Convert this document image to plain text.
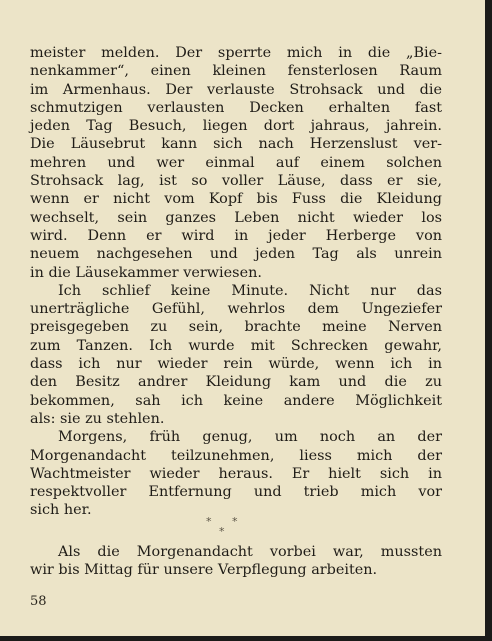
meister melden. Der sperrte mich in die „Bie-
nenkammer“, einen kleinen fensterlosen Raum
im Armenhaus. Der verlauste Strohsack und die
schmutzigen verlausten Decken erhalten fast
jeden Tag Besuch, liegen dort jahraus, jahrein.
Die Läusebrut kann sich nach Herzenslust ver-
mehren und wer einmal auf einem solchen
Strohsack lag, ist so voller Läuse, dass er sie,
wenn er nicht vom Kopf bis Fuss die Kleidung
wechselt, sein ganzes Leben nicht wieder los
wird. Denn er wird in jeder Herberge von
neuem nachgesehen und jeden Tag als unrein
in die Läusekammer verwiesen.
Ich schlief keine Minute. Nicht nur das
unerträgliche Gefühl, wehrlos dem Ungeziefer
preisgegeben zu sein, brachte meine Nerven
zum Tanzen. Ich wurde mit Schrecken gewahr,
dass ich nur wieder rein würde, wenn ich in
den Besitz andrer Kleidung kam und die zu
bekommen, sah ich keine andere Möglichkeit
als: sie zu stehlen.
Morgens, früh genug, um noch an der
Morgenandacht teilzunehmen, liess mich der
Wachtmeister wieder heraus. Er hielt sich in
respektvoller Entfernung und trieb mich vor
sich her.
* *
*
Als die Morgenandacht vorbei war, mussten
wir bis Mittag für unsere Verpflegung arbeiten.
58
